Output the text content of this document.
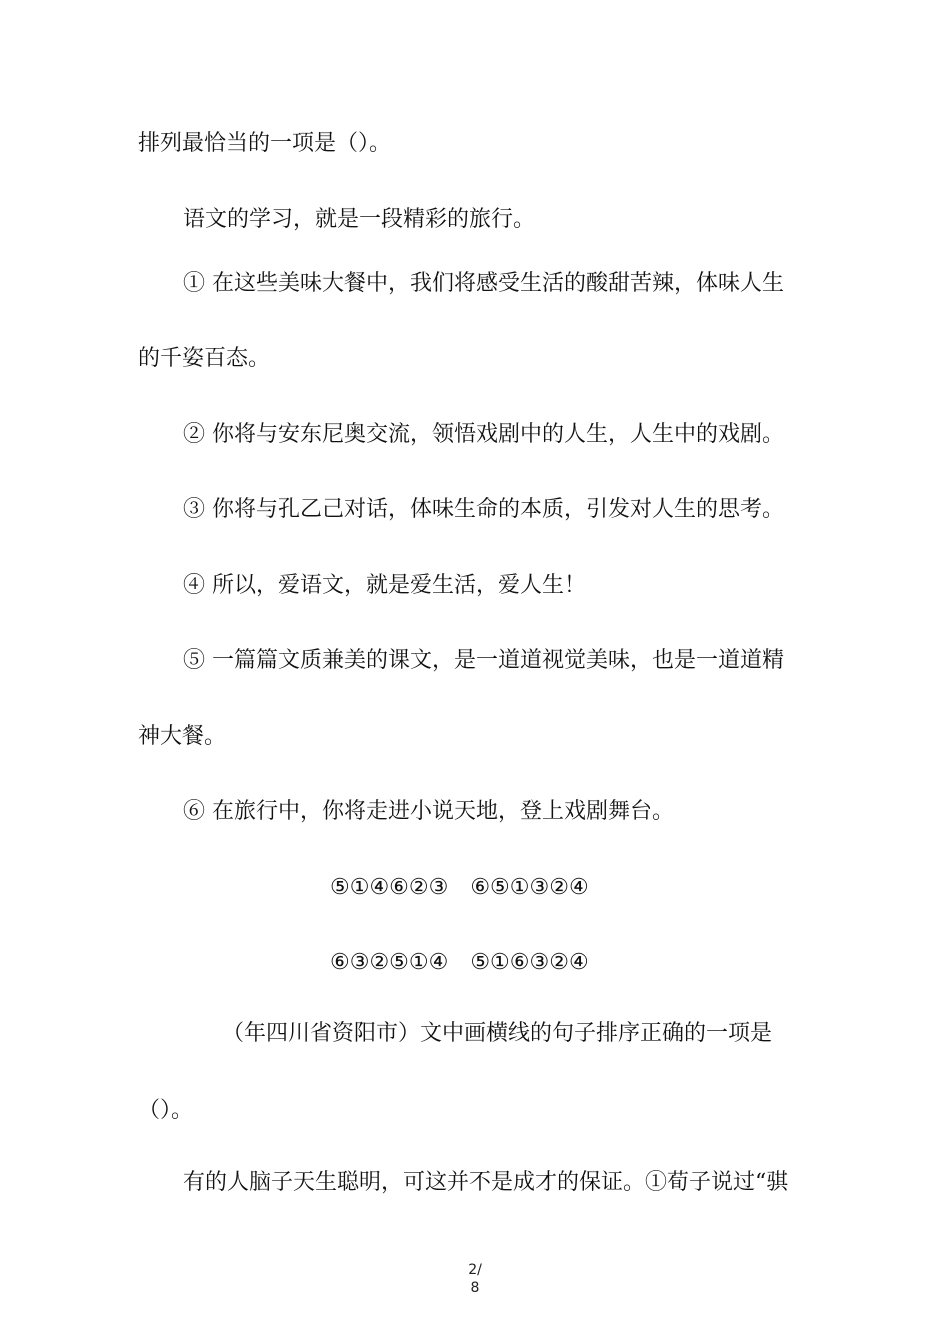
排列最恰当的一项是（）。
语文的学习，就是一段精彩的旅行。
① 在这些美味大餐中，我们将感受生活的酸甜苦辣，体味人生
的千姿百态。
② 你将与安东尼奥交流，领悟戏剧中的人生，人生中的戏剧。
③ 你将与孔乙己对话，体味生命的本质，引发对人生的思考。
④ 所以，爱语文，就是爱生活，爱人生！
⑤ 一篇篇文质兼美的课文，是一道道视觉美味，也是一道道精
神大餐。
⑥ 在旅行中，你将走进小说天地，登上戏剧舞台。
⑤①④⑥②③　⑥⑤①③②④
⑥③②⑤①④　⑤①⑥③②④
（年四川省资阳市）文中画横线的句子排序正确的一项是
（）。
有的人脑子天生聪明，可这并不是成才的保证。①荀子说过“骐
2/
8
